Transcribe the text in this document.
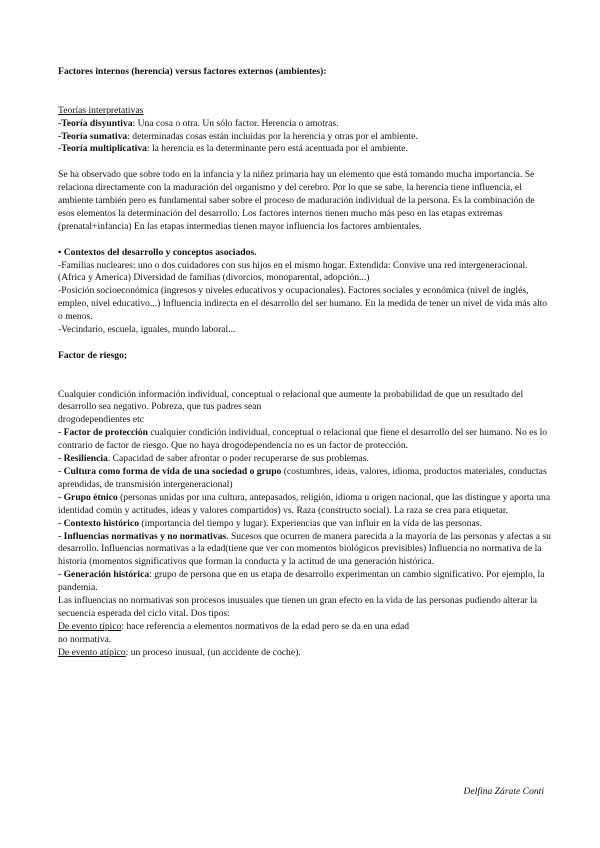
Factores internos (herencia) versus factores externos (ambientes):

Teorías interpretativas

-Teoría disyuntiva: Una cosa o otra. Un sólo factor. Herencia o amotras.

-Teoría sumativa: determinadas cosas están incluidas por la herencia y otras por el ambiente.

-Teoría multiplicativa: la herencia es la determinante pero está acentuada por el ambiente.

Se ha observado que sobre todo en la infancia y la niñez primaria hay un elemento que está tomando mucha importancia. Se relaciona directamente con la maduración del organismo y del cerebro. Por lo que se sabe, la herencia tiene influencia, el ambiente también pero es fundamental saber sobre el proceso de maduración individual de la persona. Es la combinación de esos elementos la determinación del desarrollo. Los factores internos tienen mucho más peso en las etapas extremas (prenatal+infancia) En las etapas intermedias tienen mayor influencia los factores ambientales.

• Contextos del desarrollo y conceptos asociados.

-Familias nucleares: uno o dos cuidadores con sus hijos en el mismo hogar. Extendida: Convive una red intergeneracional. (Africa y America) Diversidad de familias (divorcios, monoparental, adopción...)

-Posición socioeconómica (ingresos y niveles educativos y ocupacionales). Factores sociales y económica (nivel de inglés, empleo, nivel educativo...) Influencia indirecta en el desarrollo del ser humano. En la medida de tener un nivel de vida más alto o menos.

-Vecindario, escuela, iguales, mundo laboral...

Factor de riesgo;

Cualquier condición información individual, conceptual o relacional que aumente la probabilidad de que un resultado del desarrollo sea negativo. Pobreza, que tus padres sean

drogodependientes etc

- Factor de protección cualquier condición individual, conceptual o relacional que fiene el desarrollo del ser humano. No es lo contrario de factor de riesgo. Que no haya drogodependencia no es un factor de protección.

- Resiliencia. Capacidad de saber afrontar o poder recuperarse de sus problemas.

- Cultura como forma de vida de una sociedad o grupo (costumbres, ideas, valores, idioma, productos materiales, conductas aprendidas, de transmisión intergeneracional)

- Grupo étnico (personas unidas por una cultura, antepasados, religión, idioma u origen nacional, que las distingue y aporta una identidad común y actitudes, ideas y valores compartidos) vs. Raza (constructo social). La raza se crea para etiquetar.

- Contexto histórico (importancia del tiempo y lugar). Experiencias que van influir en la vida de las personas.

- Influencias normativas y no normativas. Sucesos que ocurren de manera parecida a la mayoría de las personas y afectas a su desarrollo. Influencias normativas a la edad(tiene que ver con momentos biológicos previsibles) Influencia no normativa de la historia (momentos significativos que forman la conducta y la actitud de una generación histórica.

- Generación histórica: grupo de persona que en us etapa de desarrollo experimentan un cambio significativo. Por ejemplo, la pandemia.

Las influencias no normativas son procesos inusuales que tienen un gran efecto en la vida de las personas pudiendo alterar la secuencia esperada del ciclo vital. Dos tipos:

De evento típico: hace referencia a elementos normativos de la edad pero se da en una edad

no normativa.

De evento atípico: un proceso inusual, (un accidente de coche).

Delfina Zárate Conti
